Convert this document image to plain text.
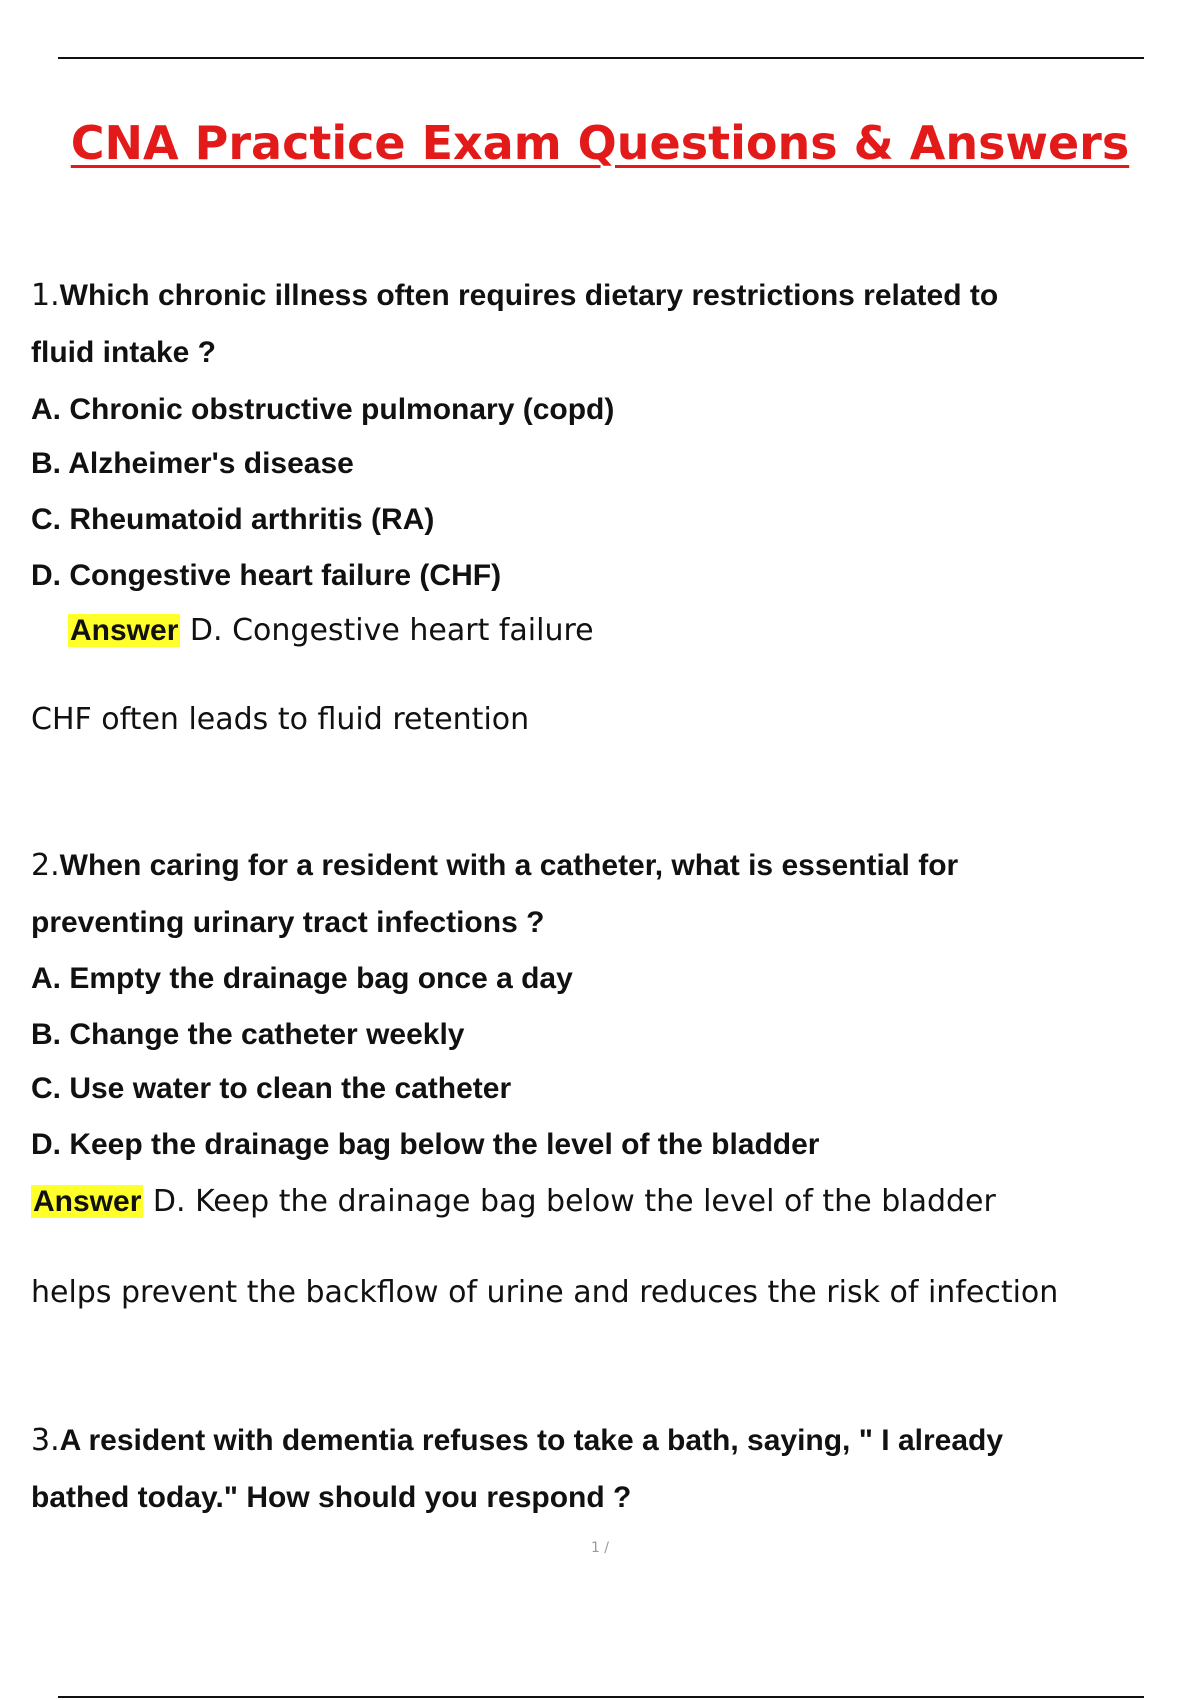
CNA Practice Exam Questions & Answers
1.Which chronic illness often requires dietary restrictions related to
fluid intake ?
A. Chronic obstructive pulmonary (copd)
B. Alzheimer's disease
C. Rheumatoid arthritis (RA)
D. Congestive heart failure (CHF)
Answer D. Congestive heart failure
CHF often leads to fluid retention
2.When caring for a resident with a catheter, what is essential for
preventing urinary tract infections ?
A. Empty the drainage bag once a day
B. Change the catheter weekly
C. Use water to clean the catheter
D. Keep the drainage bag below the level of the bladder
Answer D. Keep the drainage bag below the level of the bladder
helps prevent the backflow of urine and reduces the risk of infection
3.A resident with dementia refuses to take a bath, saying, " I already
bathed today." How should you respond ?
1 /
